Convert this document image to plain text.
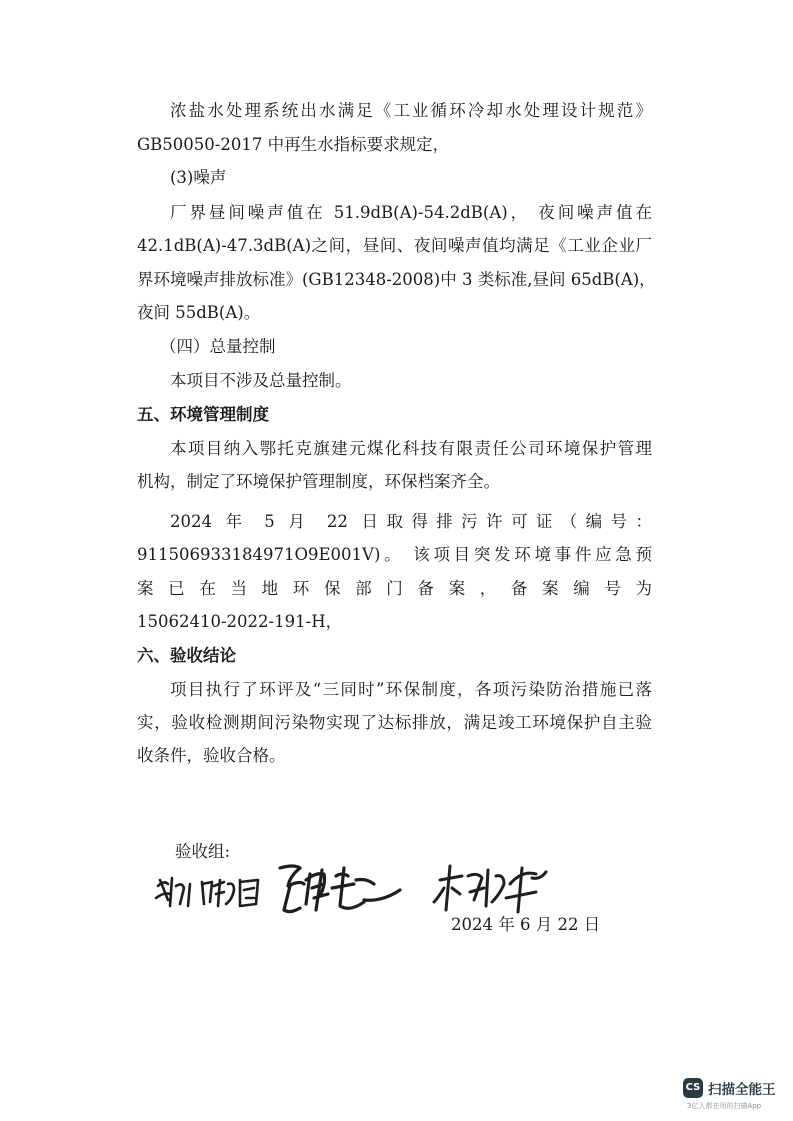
浓盐水处理系统出水满足《工业循环冷却水处理设计规范》
GB50050-2017 中再生水指标要求规定，
(3)噪声
厂界昼间噪声值在 51.9dB(A)-54.2dB(A)， 夜间噪声值在
42.1dB(A)-47.3dB(A)之间，昼间、夜间噪声值均满足《工业企业厂
界环境噪声排放标准》(GB12348-2008)中 3 类标准,昼间 65dB(A)，
夜间 55dB(A)。
（四）总量控制
本项目不涉及总量控制。
五、环境管理制度
本项目纳入鄂托克旗建元煤化科技有限责任公司环境保护管理
机构，制定了环境保护管理制度，环保档案齐全。
2024 年 5 月 22 日取得排污许可证（编号：
911506933184971O9E001V)。 该项目突发环境事件应急预
案已在当地环保部门备案，备案编号为
15062410-2022-191-H，
六、验收结论
项目执行了环评及“三同时”环保制度，各项污染防治措施已落
实，验收检测期间污染物实现了达标排放，满足竣工环境保护自主验
收条件，验收合格。
验收组:
2024 年 6 月 22 日
CS 扫描全能王
3亿人都在用的扫描App
